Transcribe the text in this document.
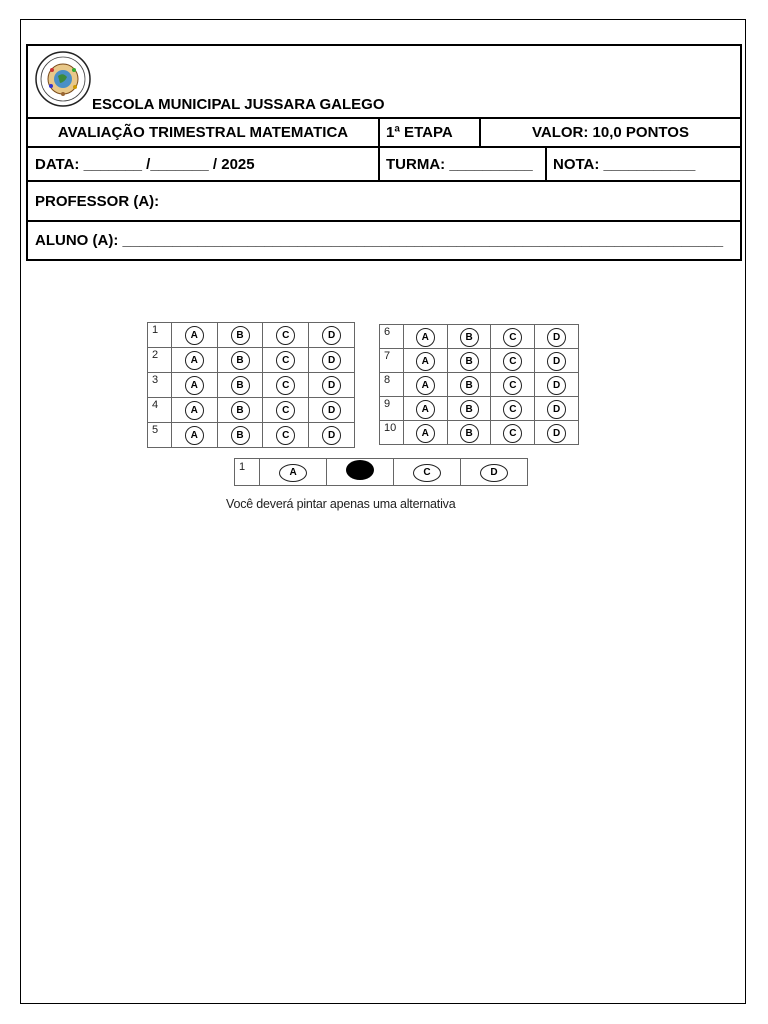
ESCOLA MUNICIPAL JUSSARA GALEGO
AVALIAÇÃO TRIMESTRAL MATEMATICA	1ª ETAPA	VALOR: 10,0 PONTOS
DATA: _______ /_______ / 2025	TURMA: __________	NOTA: ___________
PROFESSOR (A):
ALUNO (A): ________________________________________________________________________
1	A	B	C	D
2	A	B	C	D
3	A	B	C	D
4	A	B	C	D
5	A	B	C	D
6	A	B	C	D
7	A	B	C	D
8	A	B	C	D
9	A	B	C	D
10	A	B	C	D
1	A		C	D
Você deverá pintar apenas uma alternativa
